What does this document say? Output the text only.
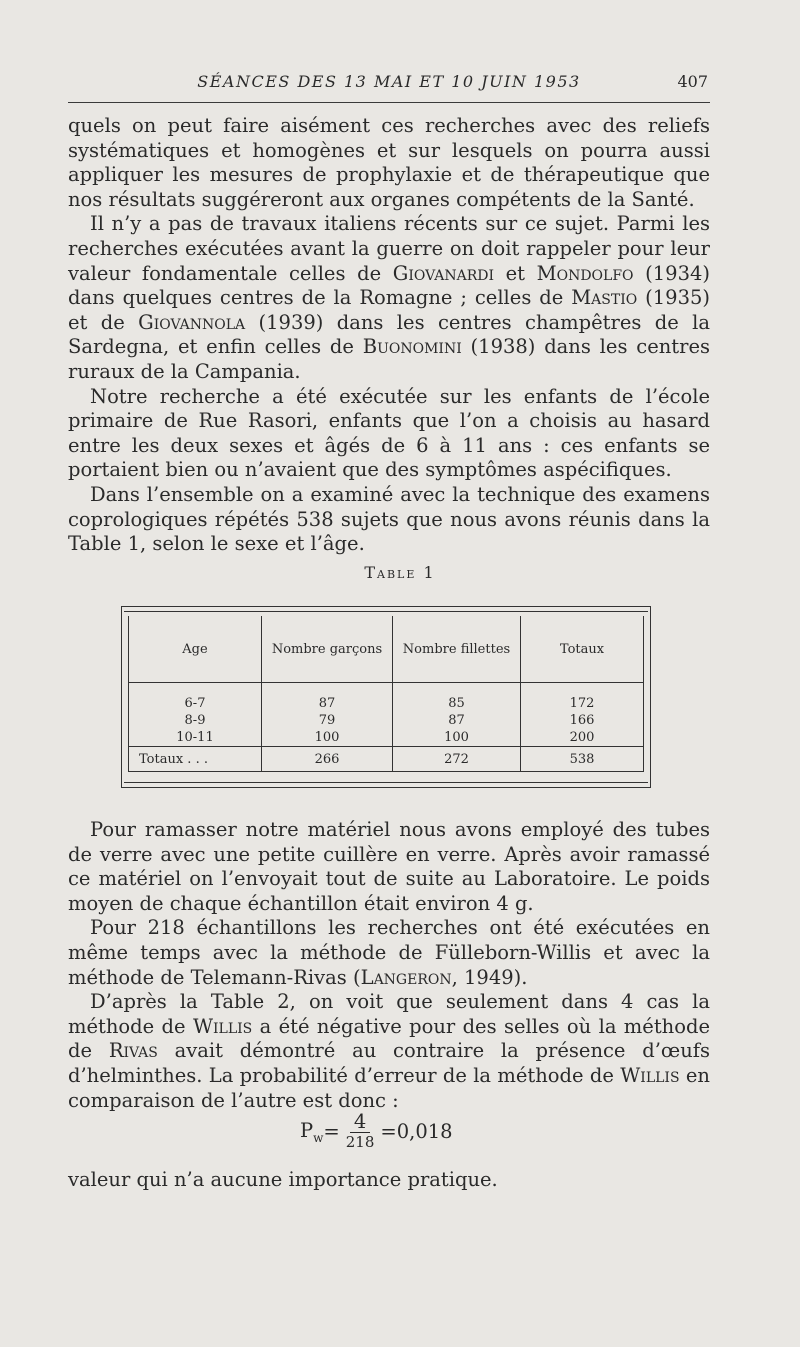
SÉANCES DES 13 MAI ET 10 JUIN 1953	407

quels on peut faire aisément ces recherches avec des reliefs systématiques et homogènes et sur lesquels on pourra aussi appliquer les mesures de prophylaxie et de thérapeutique que nos résultats suggéreront aux organes compétents de la Santé.

Il n’y a pas de travaux italiens récents sur ce sujet. Parmi les recherches exécutées avant la guerre on doit rappeler pour leur valeur fondamentale celles de Giovanardi et Mondolfo (1934) dans quelques centres de la Romagne ; celles de Mastio (1935) et de Giovannola (1939) dans les centres champêtres de la Sardegna, et enfin celles de Buonomini (1938) dans les centres ruraux de la Campania.

Notre recherche a été exécutée sur les enfants de l’école primaire de Rue Rasori, enfants que l’on a choisis au hasard entre les deux sexes et âgés de 6 à 11 ans : ces enfants se portaient bien ou n’avaient que des symptômes aspécifiques.

Dans l’ensemble on a examiné avec la technique des examens coprologiques répétés 538 sujets que nous avons réunis dans la Table 1, selon le sexe et l’âge.

Table 1
Age	Nombre garçons	Nombre fillettes	Totaux

6-7	87	85	172
8-9	79	87	166
10-11	100	100	200
Totaux . . .	266	272	538

Pour ramasser notre matériel nous avons employé des tubes de verre avec une petite cuillère en verre. Après avoir ramassé ce matériel on l’envoyait tout de suite au Laboratoire. Le poids moyen de chaque échantillon était environ 4 g.

Pour 218 échantillons les recherches ont été exécutées en même temps avec la méthode de Fülleborn-Willis et avec la méthode de Telemann-Rivas (Langeron, 1949).

D’après la Table 2, on voit que seulement dans 4 cas la méthode de Willis a été négative pour des selles où la méthode de Rivas avait démontré au contraire la présence d’œufs d’helminthes. La probabilité d’erreur de la méthode de Willis en comparaison de l’autre est donc :

$P_w = \frac{4}{218} = 0,018$

valeur qui n’a aucune importance pratique.
